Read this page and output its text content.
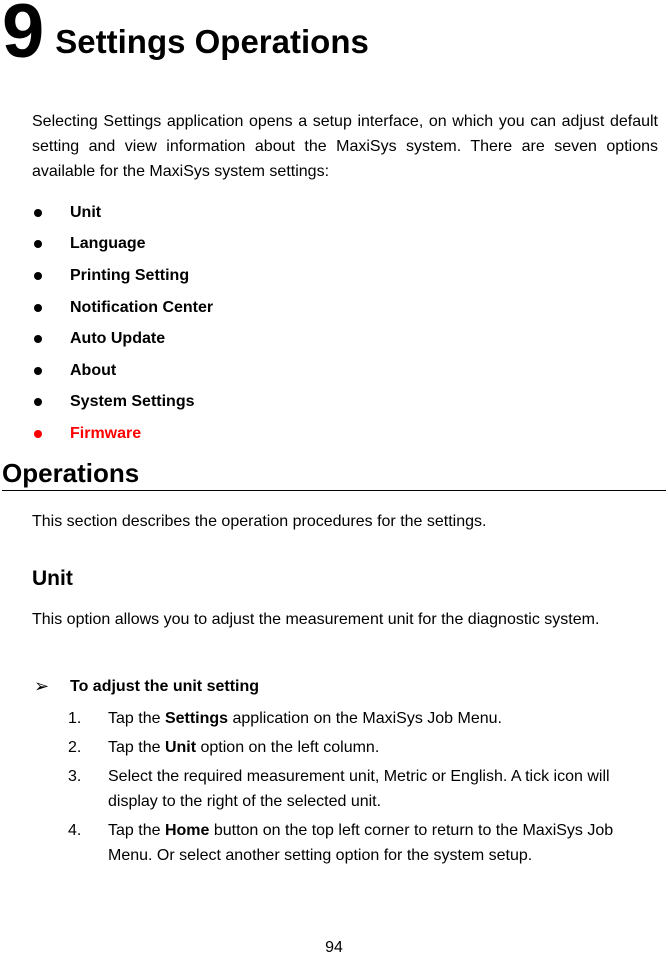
9 Settings Operations

Selecting Settings application opens a setup interface, on which you can adjust default setting and view information about the MaxiSys system. There are seven options available for the MaxiSys system settings:

Unit
Language
Printing Setting
Notification Center
Auto Update
About
System Settings
Firmware
Operations

This section describes the operation procedures for the settings.

Unit

This option allows you to adjust the measurement unit for the diagnostic system.

➢	To adjust the unit setting
1.	Tap the Settings application on the MaxiSys Job Menu.
2.	Tap the Unit option on the left column.
3.	Select the required measurement unit, Metric or English. A tick icon will display to the right of the selected unit.
4.	Tap the Home button on the top left corner to return to the MaxiSys Job Menu. Or select another setting option for the system setup.
94
